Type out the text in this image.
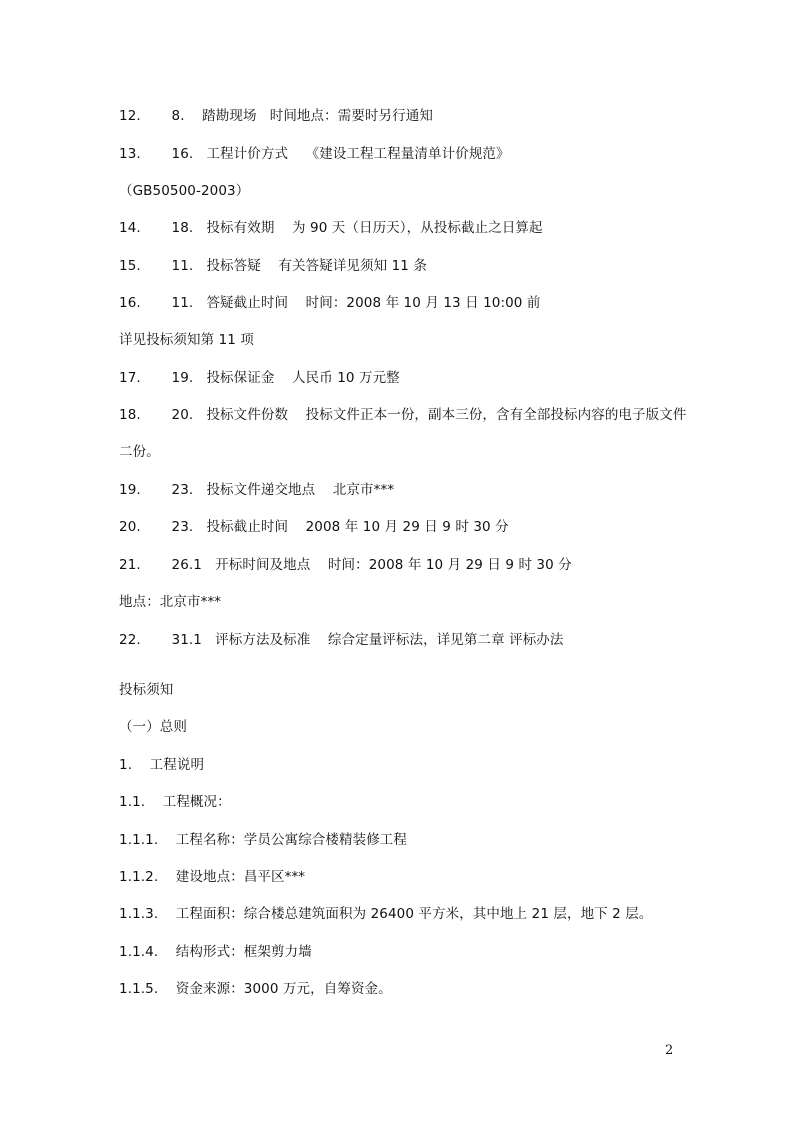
12.       8.    踏勘现场   时间地点：需要时另行通知
13.       16.   工程计价方式    《建设工程工程量清单计价规范》
（GB50500-2003）
14.       18.   投标有效期    为 90 天（日历天），从投标截止之日算起
15.       11.   投标答疑    有关答疑详见须知 11 条
16.       11.   答疑截止时间    时间：2008 年 10 月 13 日 10:00 前
详见投标须知第 11 项
17.       19.   投标保证金    人民币 10 万元整
18.       20.   投标文件份数    投标文件正本一份，副本三份，含有全部投标内容的电子版文件二份。
19.       23.   投标文件递交地点    北京市***
20.       23.   投标截止时间    2008 年 10 月 29 日 9 时 30 分
21.       26.1   开标时间及地点    时间：2008 年 10 月 29 日 9 时 30 分
地点：北京市***
22.       31.1   评标方法及标准    综合定量评标法，详见第二章 评标办法
投标须知
（一）总则
1.    工程说明
1.1.    工程概况：
1.1.1.    工程名称：学员公寓综合楼精装修工程
1.1.2.    建设地点：昌平区***
1.1.3.    工程面积：综合楼总建筑面积为 26400 平方米，其中地上 21 层，地下 2 层。
1.1.4.    结构形式：框架剪力墙
1.1.5.    资金来源：3000 万元，自筹资金。
2
